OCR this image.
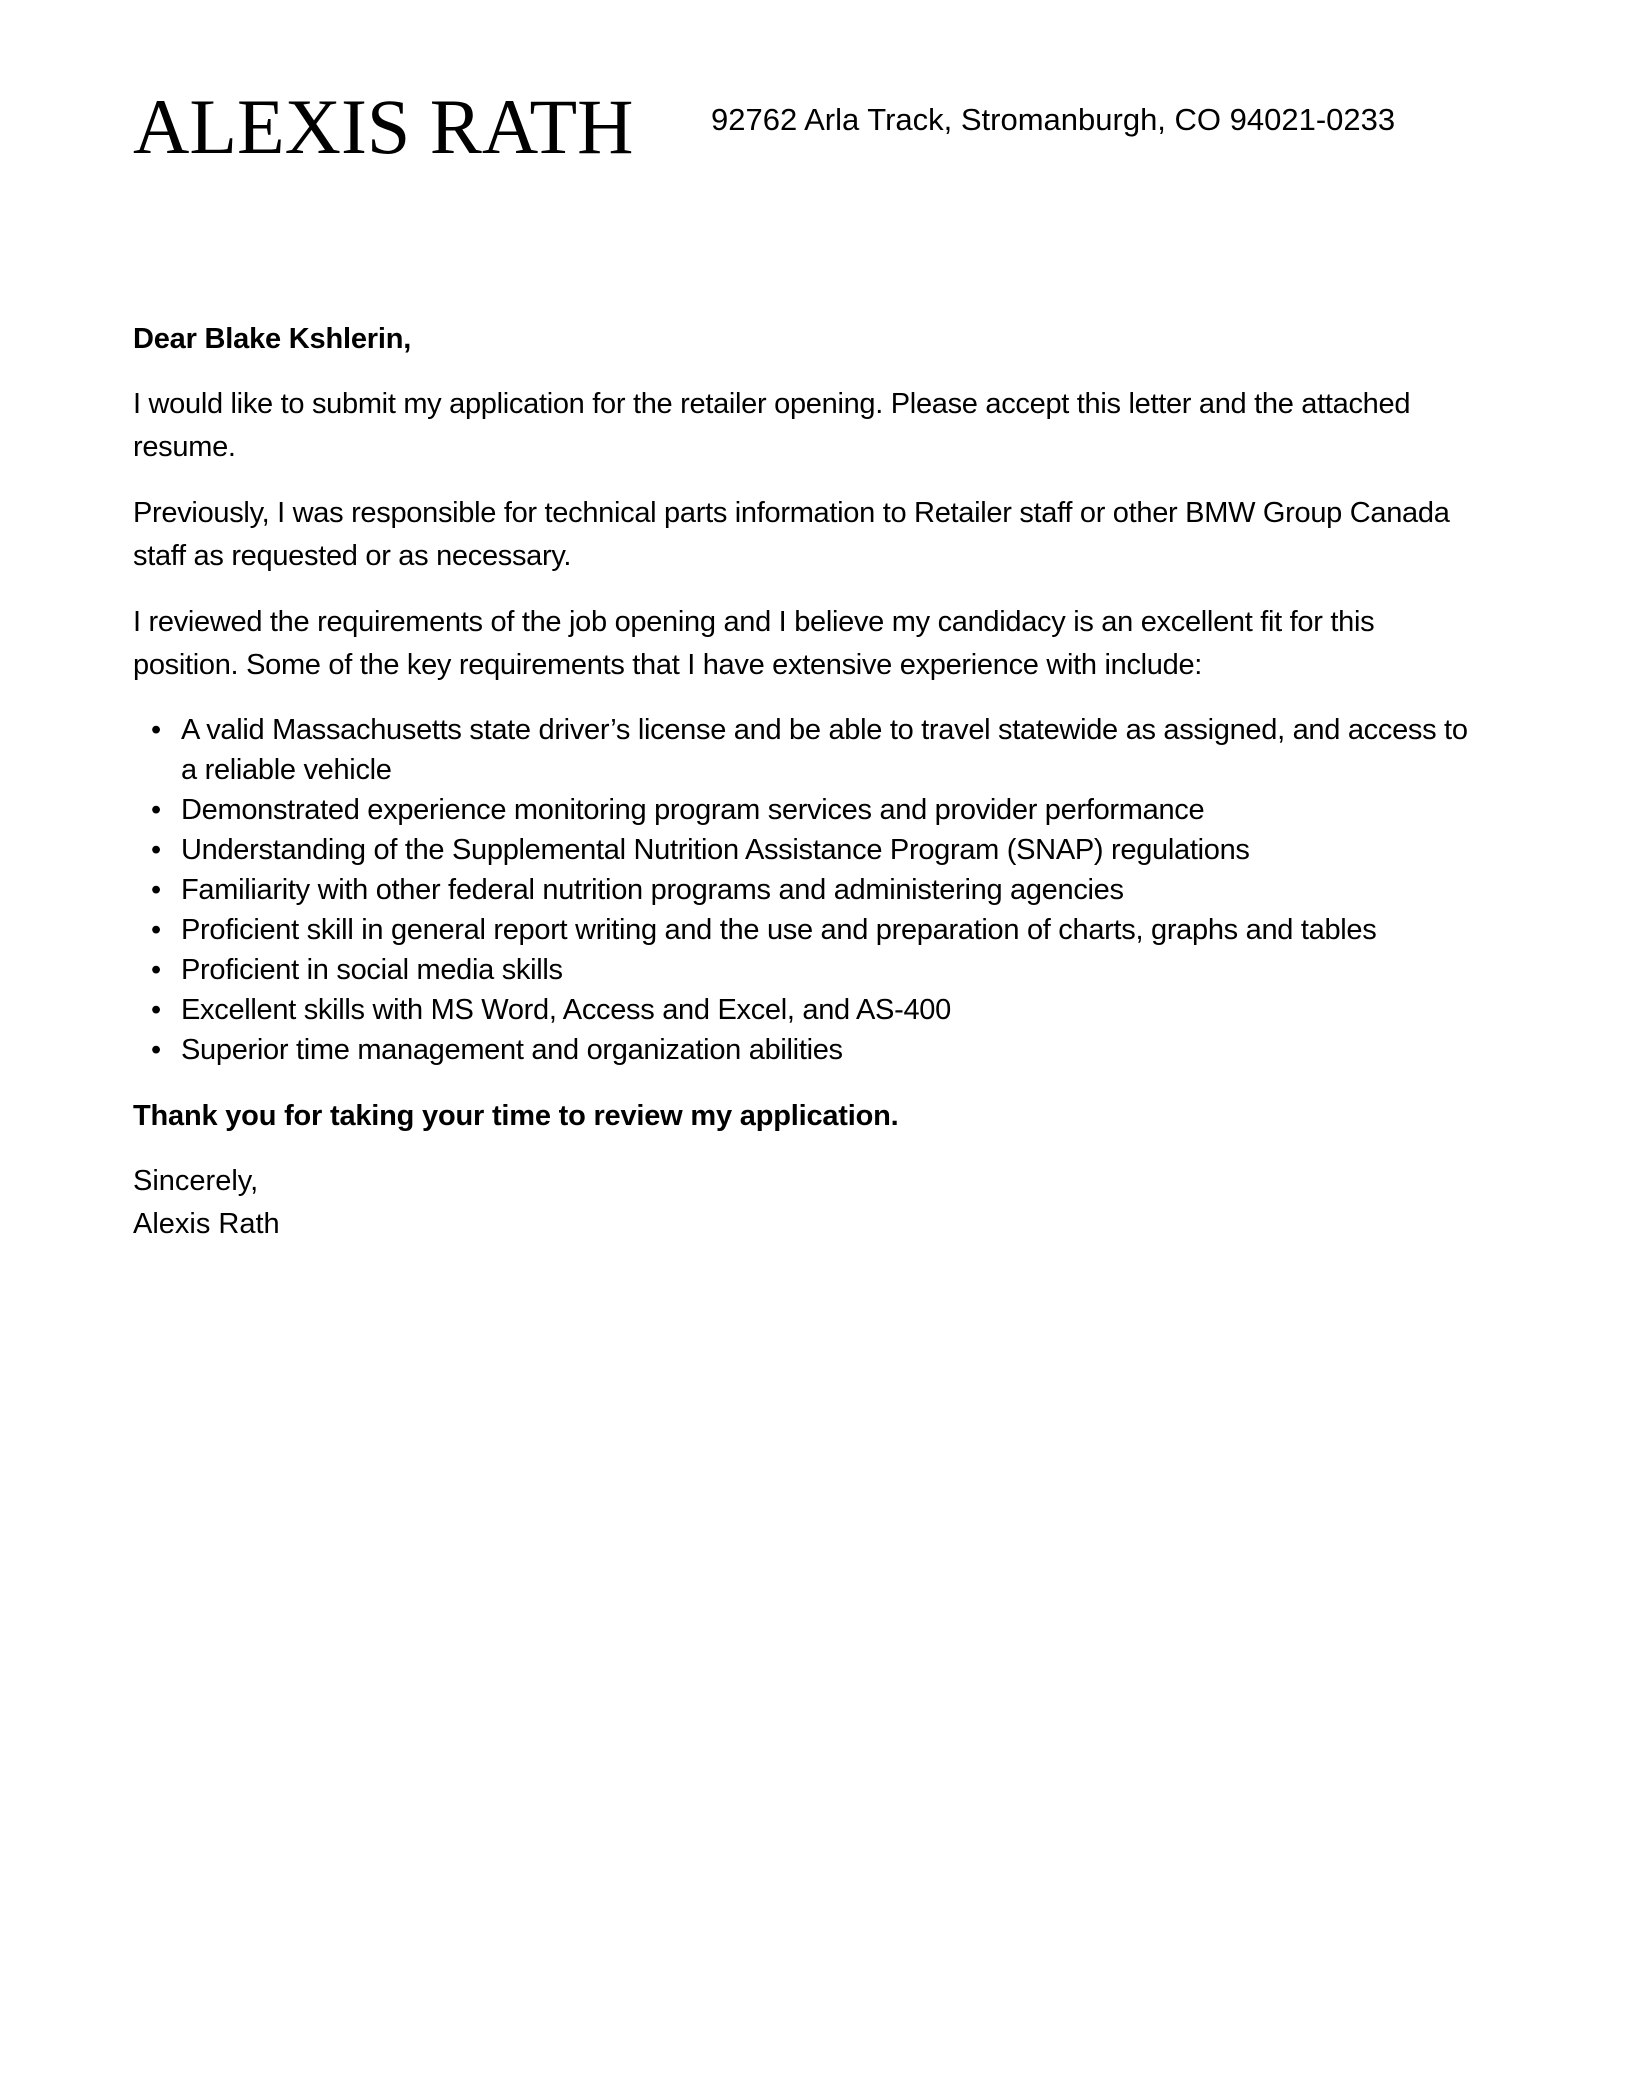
ALEXIS RATH	92762 Arla Track, Stromanburgh, CO 94021-0233

Dear Blake Kshlerin,

I would like to submit my application for the retailer opening. Please accept this letter and the attached resume.

Previously, I was responsible for technical parts information to Retailer staff or other BMW Group Canada staff as requested or as necessary.

I reviewed the requirements of the job opening and I believe my candidacy is an excellent fit for this position. Some of the key requirements that I have extensive experience with include:

• A valid Massachusetts state driver’s license and be able to travel statewide as assigned, and access to a reliable vehicle
• Demonstrated experience monitoring program services and provider performance
• Understanding of the Supplemental Nutrition Assistance Program (SNAP) regulations
• Familiarity with other federal nutrition programs and administering agencies
• Proficient skill in general report writing and the use and preparation of charts, graphs and tables
• Proficient in social media skills
• Excellent skills with MS Word, Access and Excel, and AS-400
• Superior time management and organization abilities

Thank you for taking your time to review my application.

Sincerely,

Alexis Rath
